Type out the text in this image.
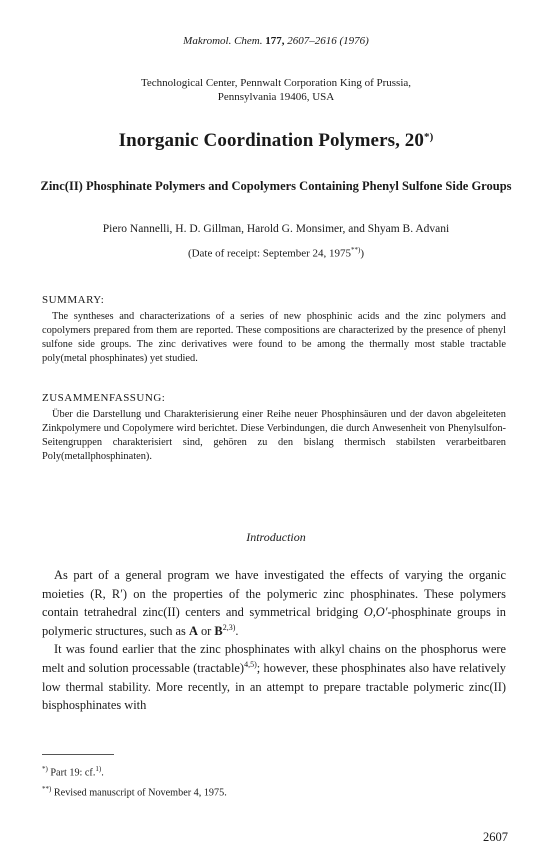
Makromol. Chem. 177, 2607–2616 (1976)
Technological Center, Pennwalt Corporation King of Prussia,
Pennsylvania 19406, USA
Inorganic Coordination Polymers, 20*)
Zinc(II) Phosphinate Polymers and Copolymers Containing Phenyl Sulfone Side Groups
Piero Nannelli, H. D. Gillman, Harold G. Monsimer, and Shyam B. Advani
(Date of receipt: September 24, 1975**))
SUMMARY:

The syntheses and characterizations of a series of new phosphinic acids and the zinc polymers and copolymers prepared from them are reported. These compositions are characterized by the presence of phenyl sulfone side groups. The zinc derivatives were found to be among the thermally most stable tractable poly(metal phosphinates) yet studied.

ZUSAMMENFASSUNG:

Über die Darstellung und Charakterisierung einer Reihe neuer Phosphinsäuren und der davon abgeleiteten Zinkpolymere und Copolymere wird berichtet. Diese Verbindungen, die durch Anwesenheit von Phenylsulfon-Seitengruppen charakterisiert sind, gehören zu den bislang thermisch stabilsten verarbeitbaren Poly(metallphosphinaten).

Introduction

As part of a general program we have investigated the effects of varying the organic moieties (R, R′) on the properties of the polymeric zinc phosphinates. These polymers contain tetrahedral zinc(II) centers and symmetrical bridging O,O′-phosphinate groups in polymeric structures, such as A or B$^{2,3)}$.

It was found earlier that the zinc phosphinates with alkyl chains on the phosphorus were melt and solution processable (tractable)$^{4,5)}$; however, these phosphinates also have relatively low thermal stability. More recently, in an attempt to prepare tractable polymeric zinc(II) bisphosphinates with

*) Part 19: cf.$^{1)}$.
**) Revised manuscript of November 4, 1975.
2607
